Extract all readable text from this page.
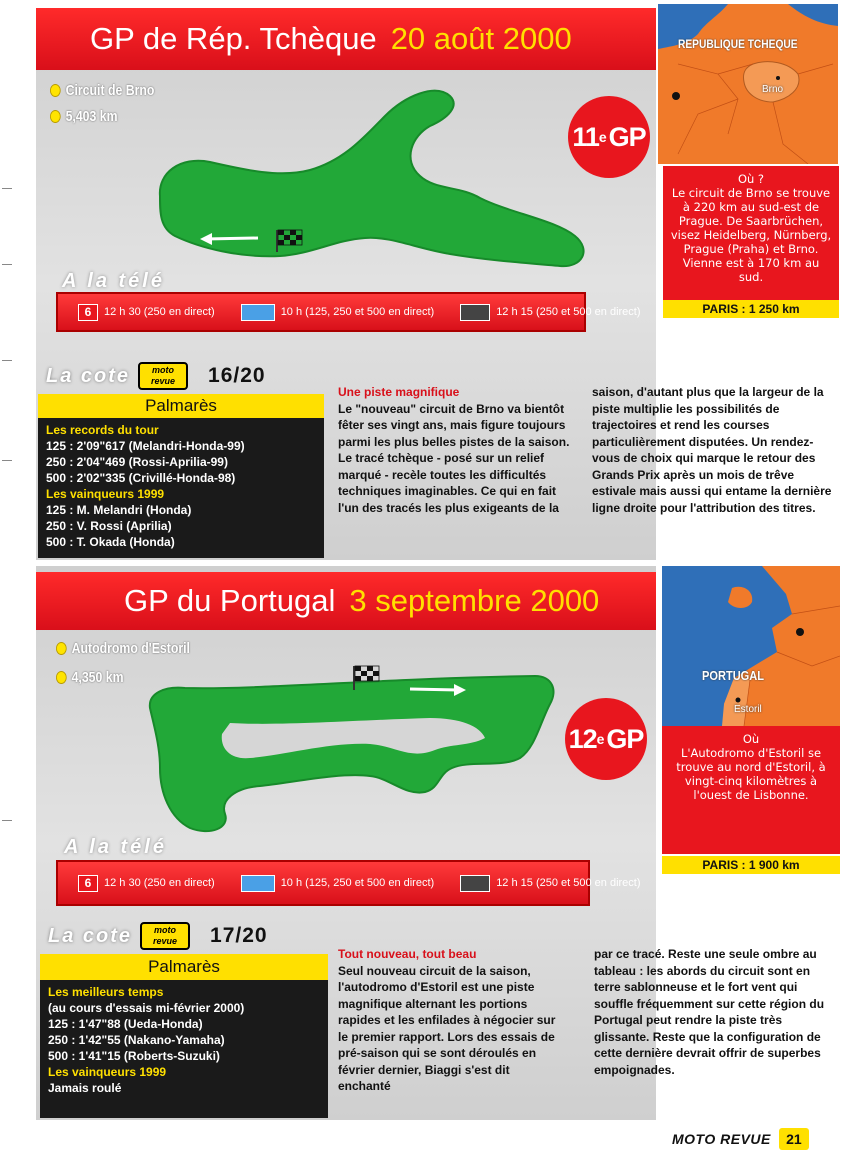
GP de Rép. Tchèque 20 août 2000
Circuit de Brno
5,403 km
11 e GP
A la télé
6	12 h 30 (250 en direct)	10 h (125, 250 et 500 en direct)	12 h 15 (250 et 500 en direct)
La cote	moto
revue	16/20
Palmarès
Les records du tour
125 : 2'09"617 (Melandri-Honda-99)
250 : 2'04"469 (Rossi-Aprilia-99)
500 : 2'02"335 (Crivillé-Honda-98)
Les vainqueurs 1999
125 : M. Melandri (Honda)
250 : V. Rossi (Aprilia)
500 : T. Okada (Honda)
Une piste magnifique
Le "nouveau" circuit de Brno va bientôt fêter ses vingt ans, mais figure toujours parmi les plus belles pistes de la saison. Le tracé tchèque - posé sur un relief marqué - recèle toutes les difficultés techniques imaginables. Ce qui en fait l'un des tracés les plus exigeants de la
saison, d'autant plus que la largeur de la piste multiplie les possibilités de trajectoires et rend les courses particulièrement disputées. Un rendez-vous de choix qui marque le retour des Grands Prix après un mois de trêve estivale mais aussi qui entame la dernière ligne droite pour l'attribution des titres.
REPUBLIQUE TCHEQUE
Brno
Où ?
Le circuit de Brno se trouve à 220 km au sud-est de Prague. De Saarbrüchen, visez Heidelberg, Nürnberg, Prague (Praha) et Brno. Vienne est à 170 km au sud.
PARIS : 1 250 km
GP du Portugal 3 septembre 2000
Autodromo d'Estoril
4,350 km
12 e GP
A la télé
6	12 h 30 (250 en direct)	10 h (125, 250 et 500 en direct)	12 h 15 (250 et 500 en direct)
La cote	moto
revue	17/20
Palmarès
Les meilleurs temps
(au cours d'essais mi-février 2000)
125 : 1'47"88 (Ueda-Honda)
250 : 1'42"55 (Nakano-Yamaha)
500 : 1'41"15 (Roberts-Suzuki)
Les vainqueurs 1999
Jamais roulé
Tout nouveau, tout beau
Seul nouveau circuit de la saison, l'autodromo d'Estoril est une piste magnifique alternant les portions rapides et les enfilades à négocier sur le premier rapport. Lors des essais de pré-saison qui se sont déroulés en février dernier, Biaggi s'est dit enchanté
par ce tracé. Reste une seule ombre au tableau : les abords du circuit sont en terre sablonneuse et le fort vent qui souffle fréquemment sur cette région du Portugal peut rendre la piste très glissante. Reste que la configuration de cette dernière devrait offrir de superbes empoignades.
PORTUGAL
Estoril
Où
L'Autodromo d'Estoril se trouve au nord d'Estoril, à vingt-cinq kilomètres à l'ouest de Lisbonne.
PARIS : 1 900 km
MOTO REVUE	21
